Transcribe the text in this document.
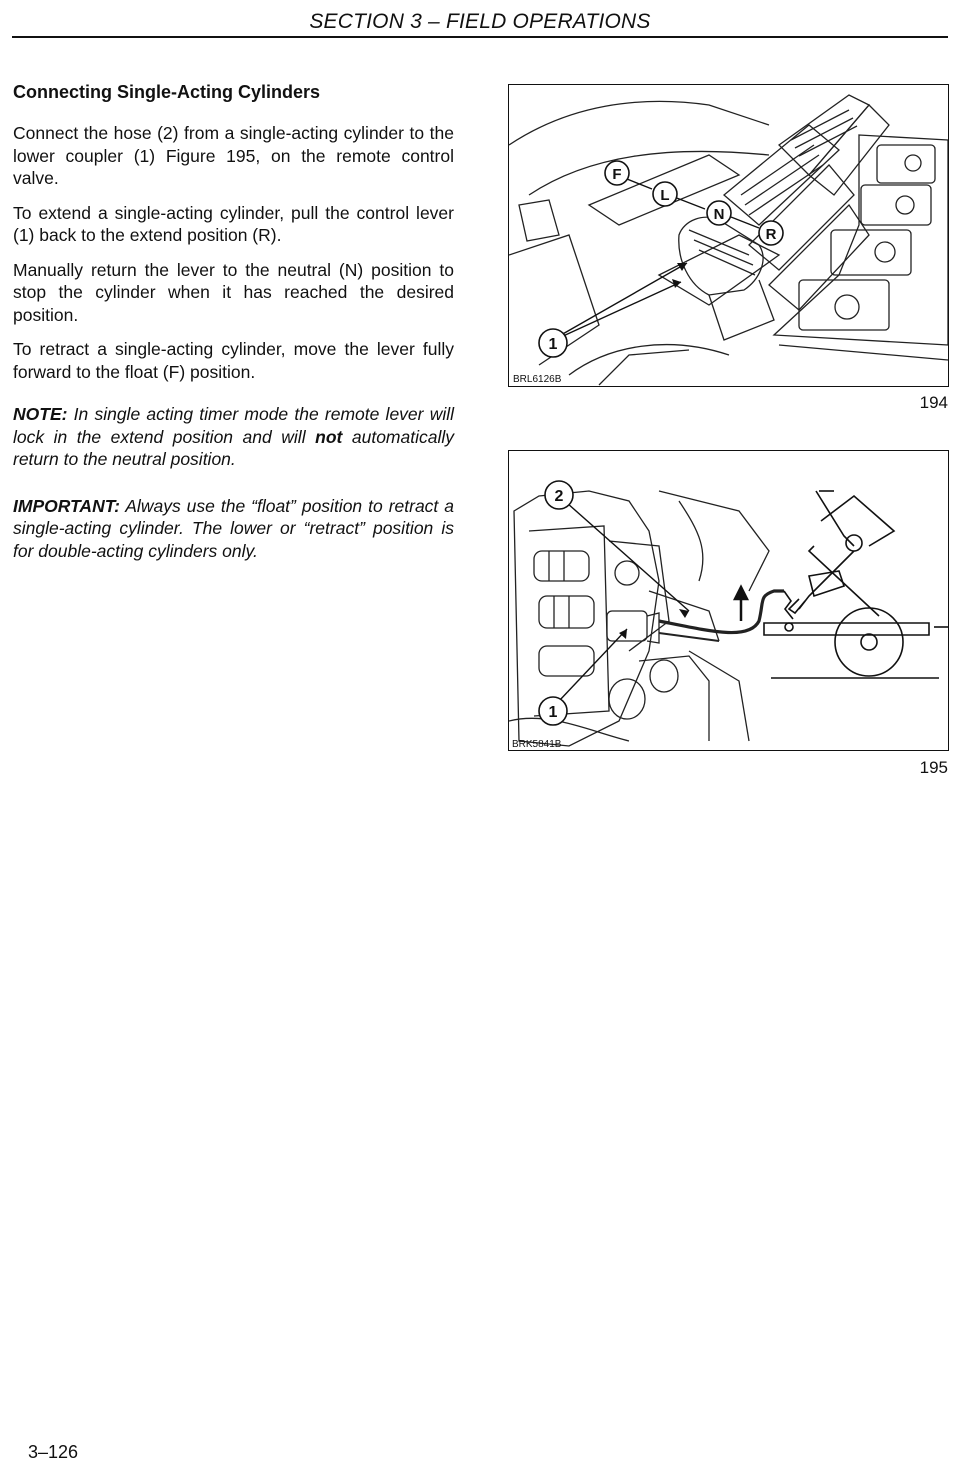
SECTION 3 – FIELD OPERATIONS
Connecting Single-Acting Cylinders

Connect the hose (2) from a single-acting cylinder to the lower coupler (1) Figure 195, on the remote control valve.

To extend a single-acting cylinder, pull the control lever (1) back to the extend position (R).

Manually return the lever to the neutral (N) position to stop the cylinder when it has reached the desired position.

To retract a single-acting cylinder, move the lever fully forward to the float (F) position.

NOTE: In single acting timer mode the remote lever will lock in the extend position and will not automatically return to the neutral position.

IMPORTANT: Always use the “float” position to retract a single-acting cylinder. The lower or “retract” position is for double-acting cylinders only.

F
L
N
R
1
BRL6126B
194
2
1
BRK5841B
195
3–126
